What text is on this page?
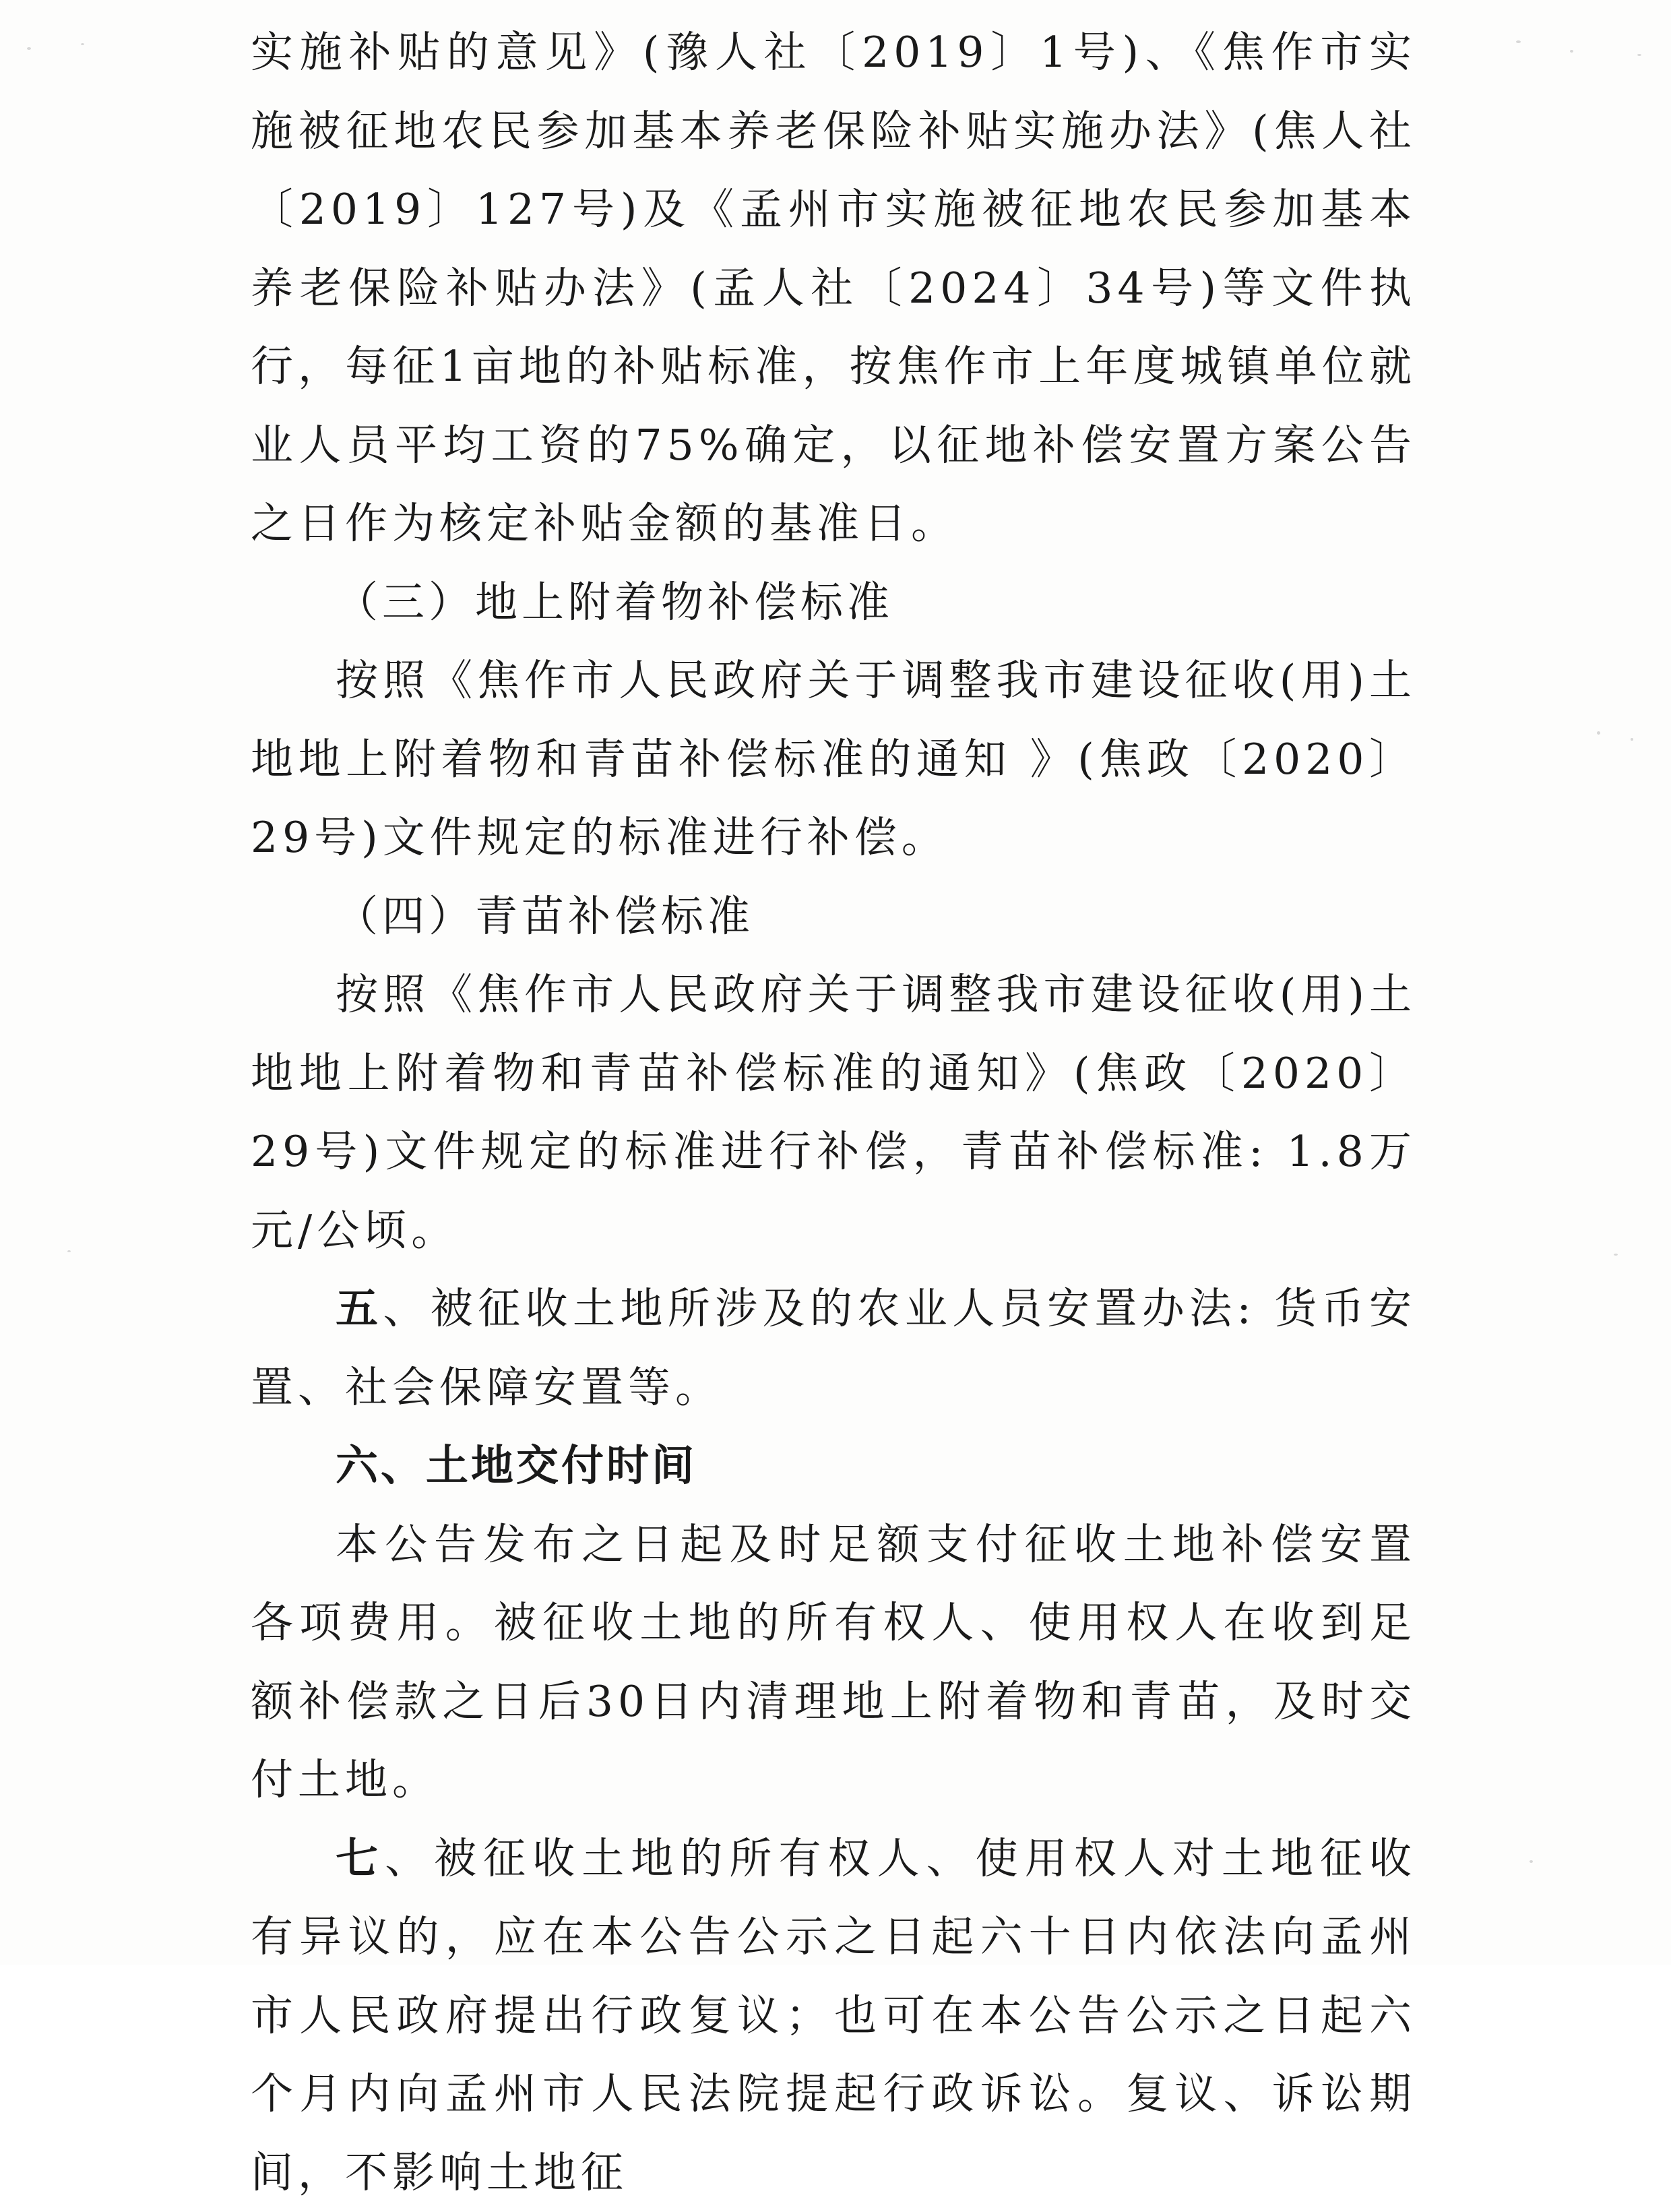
实施补贴的意见》(豫人社〔2019〕1号)、《焦作市实施被征地农民参加基本养老保险补贴实施办法》(焦人社〔2019〕127号)及《孟州市实施被征地农民参加基本养老保险补贴办法》(孟人社〔2024〕34号)等文件执行，每征1亩地的补贴标准，按焦作市上年度城镇单位就业人员平均工资的75%确定，以征地补偿安置方案公告之日作为核定补贴金额的基准日。

（三）地上附着物补偿标准

按照《焦作市人民政府关于调整我市建设征收(用)土地地上附着物和青苗补偿标准的通知 》(焦政〔2020〕29号)文件规定的标准进行补偿。

（四）青苗补偿标准

按照《焦作市人民政府关于调整我市建设征收(用)土地地上附着物和青苗补偿标准的通知》(焦政〔2020〕29号)文件规定的标准进行补偿，青苗补偿标准: 1.8万元/公顷。

五、被征收土地所涉及的农业人员安置办法: 货币安置、社会保障安置等。

六、土地交付时间

本公告发布之日起及时足额支付征收土地补偿安置各项费用。被征收土地的所有权人、使用权人在收到足额补偿款之日后30日内清理地上附着物和青苗，及时交付土地。

七、被征收土地的所有权人、使用权人对土地征收有异议的，应在本公告公示之日起六十日内依法向孟州市人民政府提出行政复议；也可在本公告公示之日起六个月内向孟州市人民法院提起行政诉讼。复议、诉讼期间，不影响土地征
